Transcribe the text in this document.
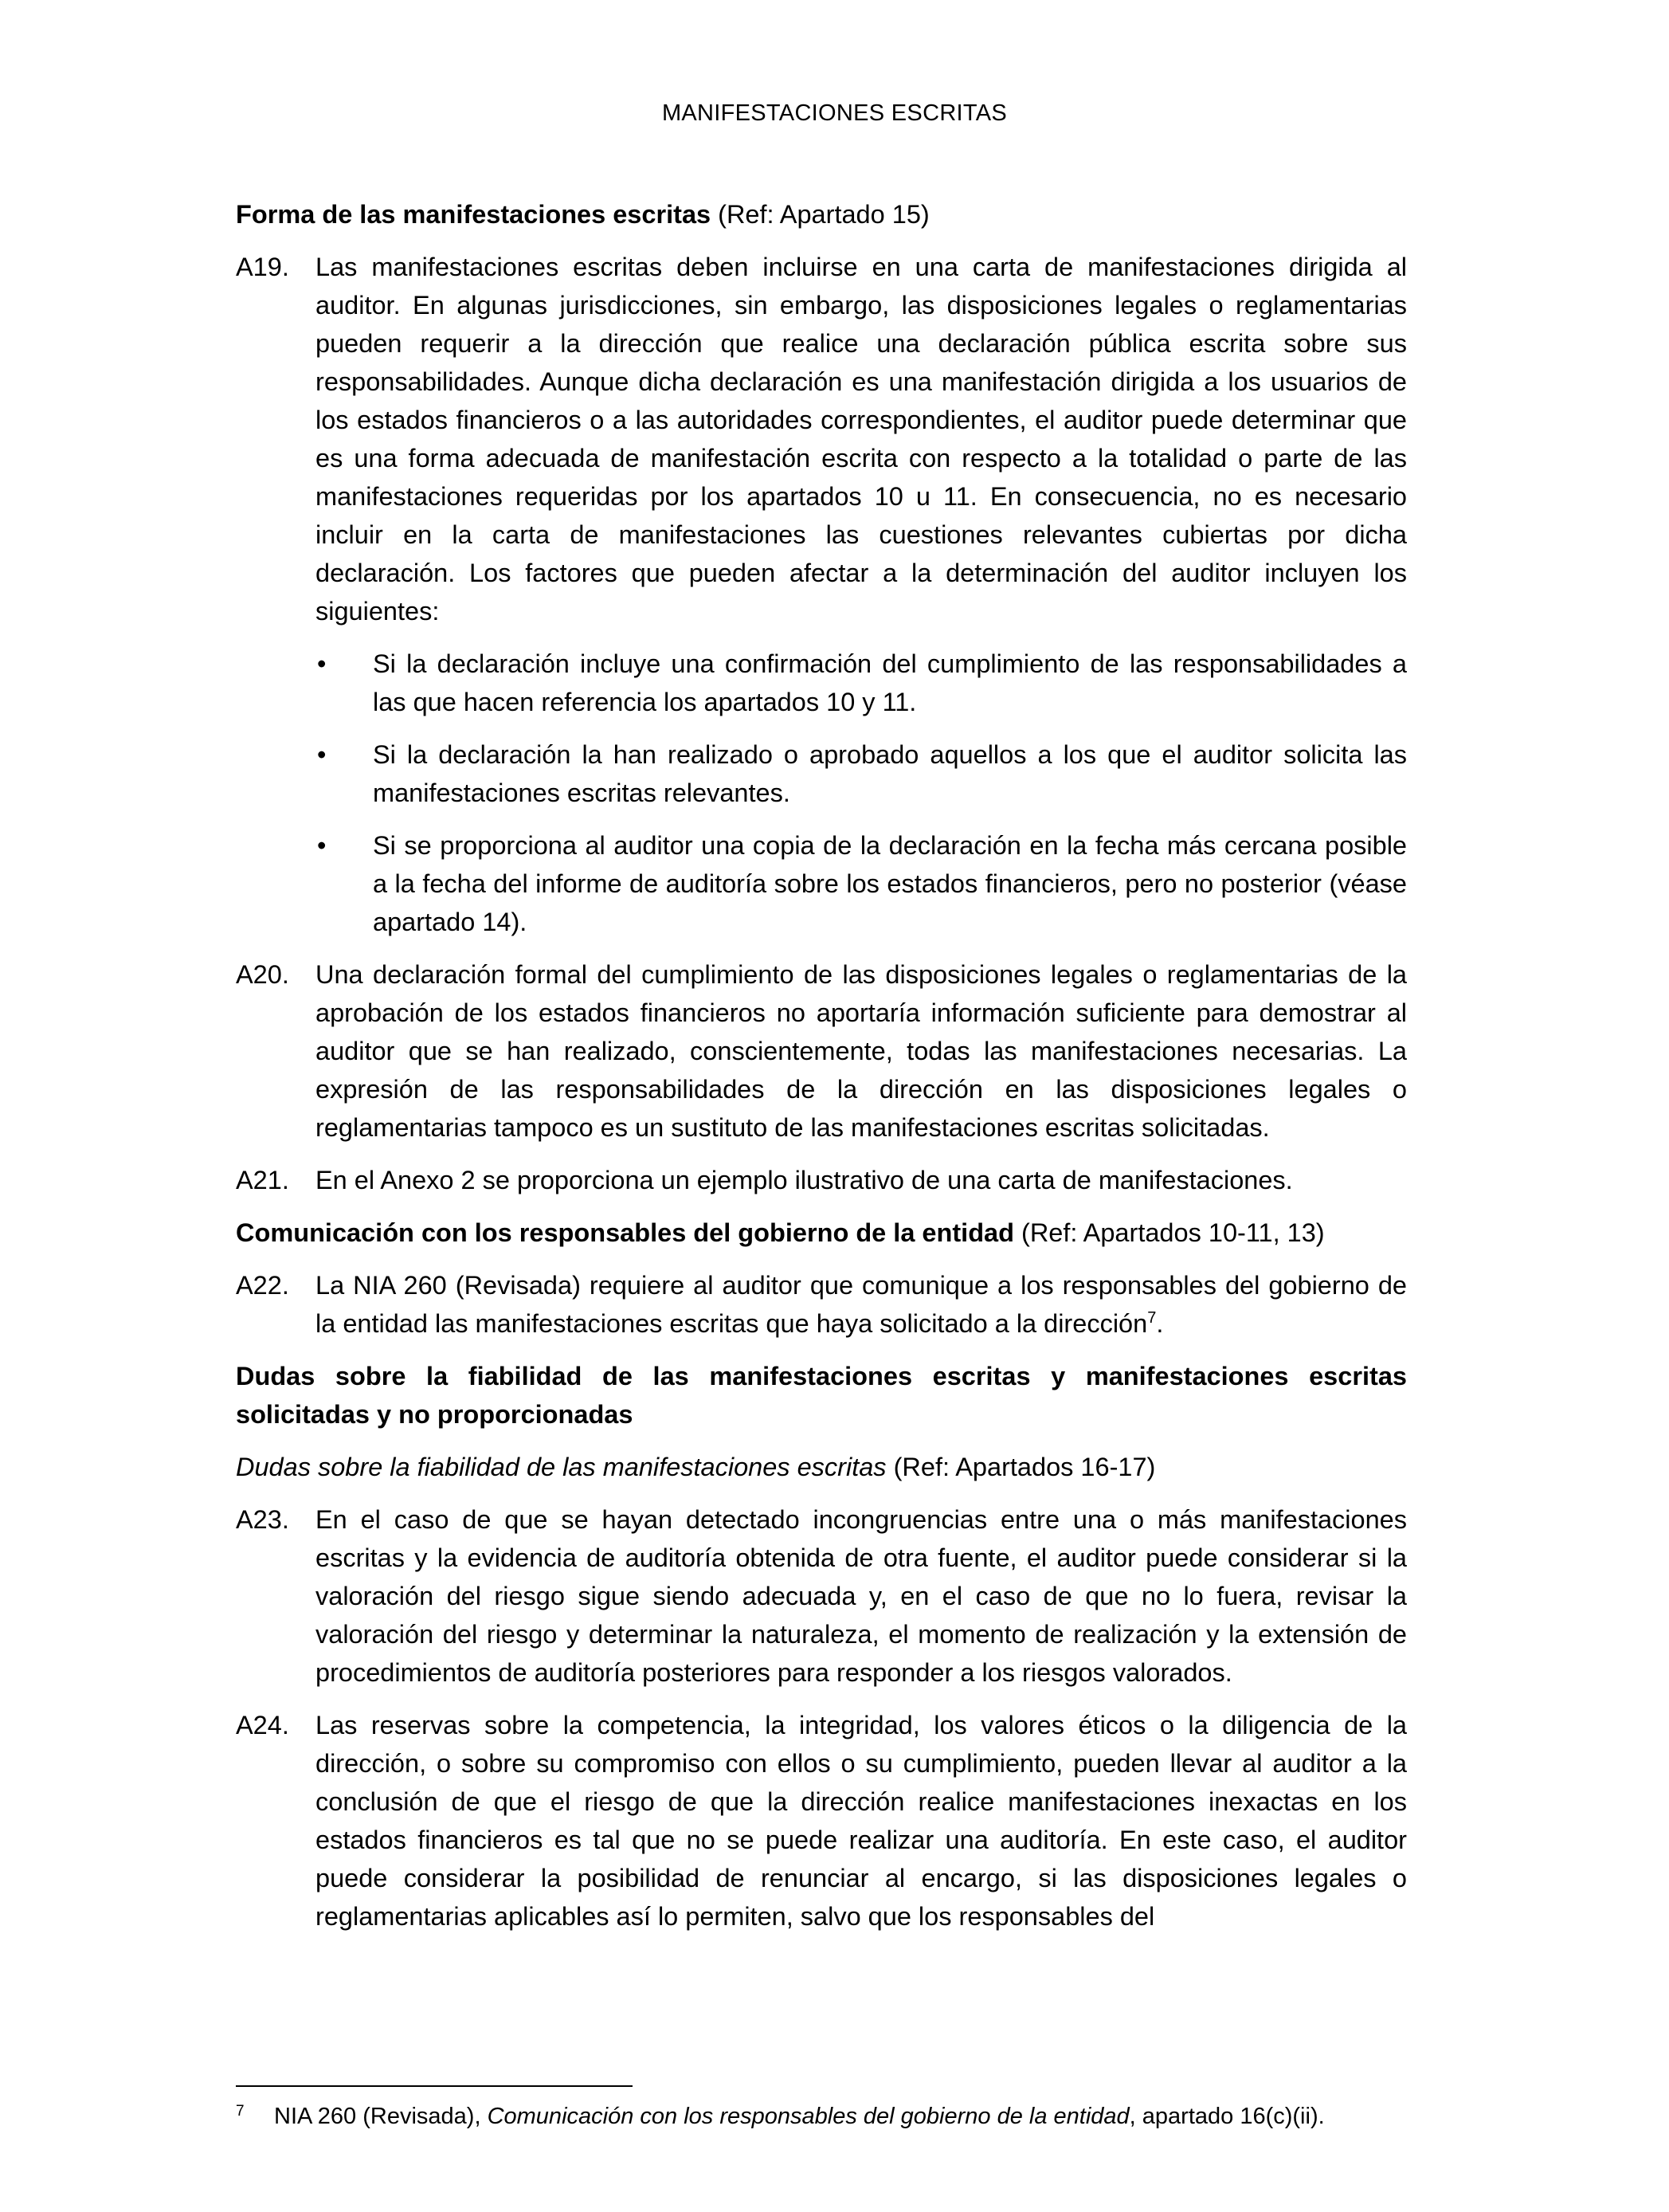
MANIFESTACIONES ESCRITAS
Forma de las manifestaciones escritas (Ref: Apartado 15)
A19.	Las manifestaciones escritas deben incluirse en una carta de manifestaciones dirigida al auditor. En algunas jurisdicciones, sin embargo, las disposiciones legales o reglamentarias pueden requerir a la dirección que realice una declaración pública escrita sobre sus responsabilidades. Aunque dicha declaración es una manifestación dirigida a los usuarios de los estados financieros o a las autoridades correspondientes, el auditor puede determinar que es una forma adecuada de manifestación escrita con respecto a la totalidad o parte de las manifestaciones requeridas por los apartados 10 u 11. En consecuencia, no es necesario incluir en la carta de manifestaciones las cuestiones relevantes cubiertas por dicha declaración. Los factores que pueden afectar a la determinación del auditor incluyen los siguientes:
•	Si la declaración incluye una confirmación del cumplimiento de las responsabilidades a las que hacen referencia los apartados 10 y 11.
•	Si la declaración la han realizado o aprobado aquellos a los que el auditor solicita las manifestaciones escritas relevantes.
•	Si se proporciona al auditor una copia de la declaración en la fecha más cercana posible a la fecha del informe de auditoría sobre los estados financieros, pero no posterior (véase apartado 14).
A20.	Una declaración formal del cumplimiento de las disposiciones legales o reglamentarias de la aprobación de los estados financieros no aportaría información suficiente para demostrar al auditor que se han realizado, conscientemente, todas las manifestaciones necesarias. La expresión de las responsabilidades de la dirección en las disposiciones legales o reglamentarias tampoco es un sustituto de las manifestaciones escritas solicitadas.
A21.	En el Anexo 2 se proporciona un ejemplo ilustrativo de una carta de manifestaciones.
Comunicación con los responsables del gobierno de la entidad (Ref: Apartados 10-11, 13)
A22.	La NIA 260 (Revisada) requiere al auditor que comunique a los responsables del gobierno de la entidad las manifestaciones escritas que haya solicitado a la dirección$^7$.
Dudas sobre la fiabilidad de las manifestaciones escritas y manifestaciones escritas solicitadas y no proporcionadas
Dudas sobre la fiabilidad de las manifestaciones escritas (Ref: Apartados 16-17)
A23.	En el caso de que se hayan detectado incongruencias entre una o más manifestaciones escritas y la evidencia de auditoría obtenida de otra fuente, el auditor puede considerar si la valoración del riesgo sigue siendo adecuada y, en el caso de que no lo fuera, revisar la valoración del riesgo y determinar la naturaleza, el momento de realización y la extensión de procedimientos de auditoría posteriores para responder a los riesgos valorados.
A24.	Las reservas sobre la competencia, la integridad, los valores éticos o la diligencia de la dirección, o sobre su compromiso con ellos o su cumplimiento, pueden llevar al auditor a la conclusión de que el riesgo de que la dirección realice manifestaciones inexactas en los estados financieros es tal que no se puede realizar una auditoría. En este caso, el auditor puede considerar la posibilidad de renunciar al encargo, si las disposiciones legales o reglamentarias aplicables así lo permiten, salvo que los responsables del
7	NIA 260 (Revisada), Comunicación con los responsables del gobierno de la entidad, apartado 16(c)(ii).
